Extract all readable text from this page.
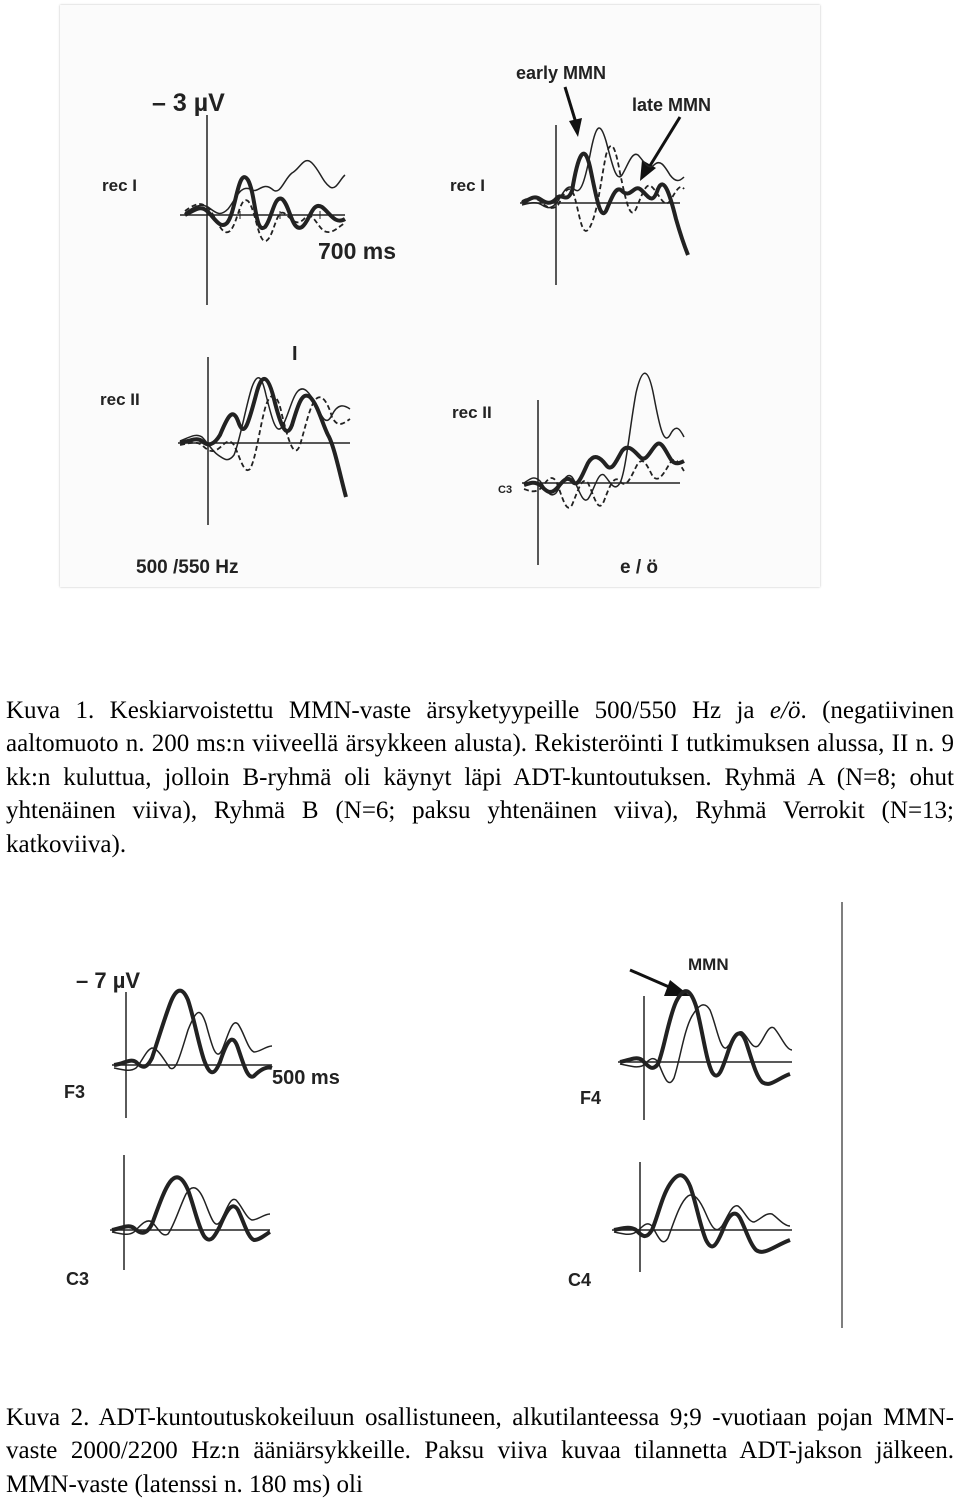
– 3 µV
700 ms
early MMN
late MMN
rec I	rec I
rec II
rec II
I
C3
500 /550 Hz	e / ö

Kuva 1. Keskiarvoistettu MMN-vaste ärsyketyypeille 500/550 Hz ja e/ö. (negatiivinen aaltomuoto n. 200 ms:n viiveellä ärsykkeen alusta). Rekisteröinti I tutkimuksen alussa, II n. 9 kk:n kuluttua, jolloin B-ryhmä oli käynyt läpi ADT-kuntoutuksen. Ryhmä A (N=8; ohut yhtenäinen viiva), Ryhmä B (N=6; paksu yhtenäinen viiva), Ryhmä Verrokit (N=13; katkoviiva).

– 7 µV
500 ms
MMN
F3	F4
C3	C4

Kuva 2. ADT-kuntoutuskokeiluun osallistuneen, alkutilanteessa 9;9 -vuotiaan pojan MMN-vaste 2000/2200 Hz:n ääniärsykkeille. Paksu viiva kuvaa tilannetta ADT-jakson jälkeen. MMN-vaste (latenssi n. 180 ms) oli
